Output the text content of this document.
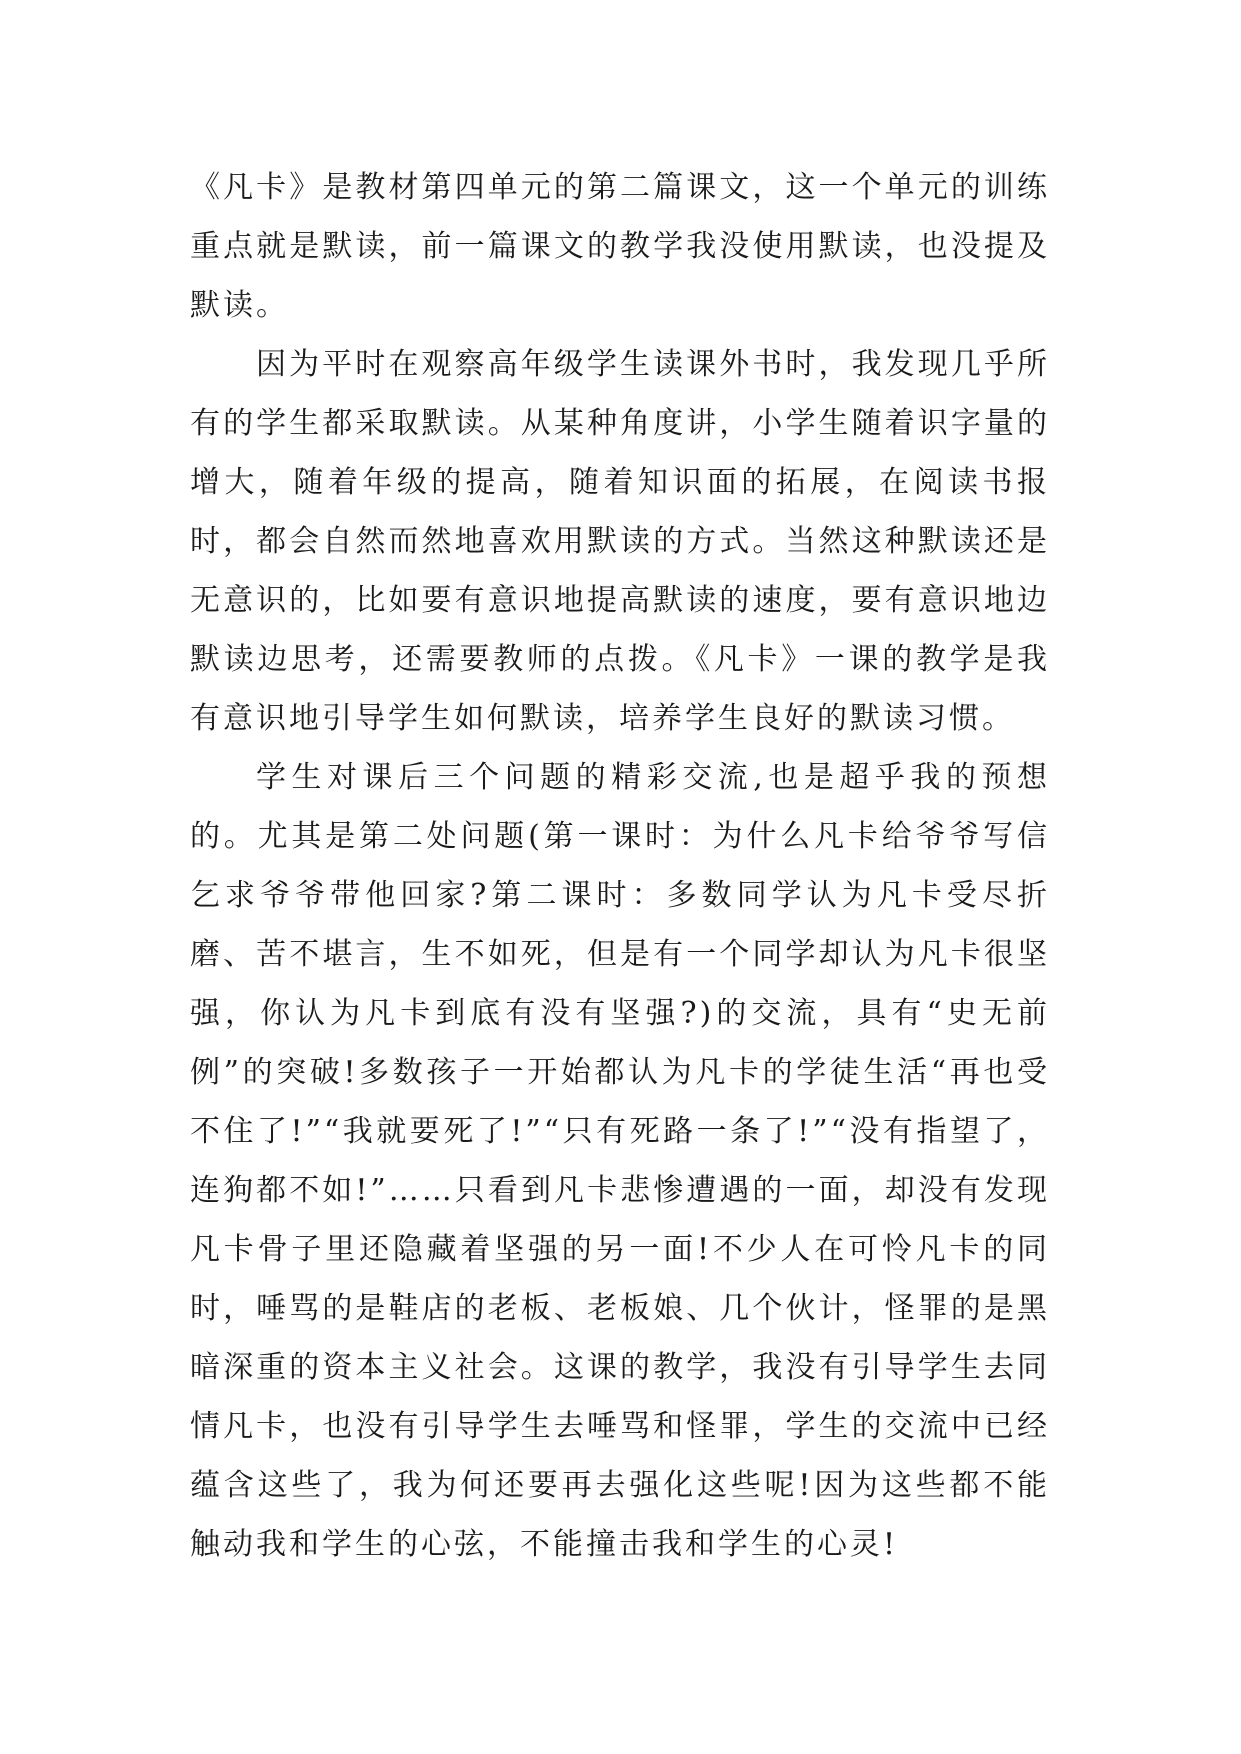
《凡卡》是教材第四单元的第二篇课文，这一个单元的训练重点就是默读，前一篇课文的教学我没使用默读，也没提及默读。

因为平时在观察高年级学生读课外书时，我发现几乎所有的学生都采取默读。从某种角度讲，小学生随着识字量的增大，随着年级的提高，随着知识面的拓展，在阅读书报时，都会自然而然地喜欢用默读的方式。当然这种默读还是无意识的，比如要有意识地提高默读的速度，要有意识地边默读边思考，还需要教师的点拨。《凡卡》一课的教学是我有意识地引导学生如何默读，培养学生良好的默读习惯。

学生对课后三个问题的精彩交流,也是超乎我的预想的。尤其是第二处问题(第一课时：为什么凡卡给爷爷写信乞求爷爷带他回家?第二课时：多数同学认为凡卡受尽折磨、苦不堪言，生不如死，但是有一个同学却认为凡卡很坚强，你认为凡卡到底有没有坚强?)的交流，具有“史无前例”的突破!多数孩子一开始都认为凡卡的学徒生活“再也受不住了!”“我就要死了!”“只有死路一条了!”“没有指望了，连狗都不如!”……只看到凡卡悲惨遭遇的一面，却没有发现凡卡骨子里还隐藏着坚强的另一面!不少人在可怜凡卡的同时，唾骂的是鞋店的老板、老板娘、几个伙计，怪罪的是黑暗深重的资本主义社会。这课的教学，我没有引导学生去同情凡卡，也没有引导学生去唾骂和怪罪，学生的交流中已经蕴含这些了，我为何还要再去强化这些呢!因为这些都不能触动我和学生的心弦，不能撞击我和学生的心灵!
